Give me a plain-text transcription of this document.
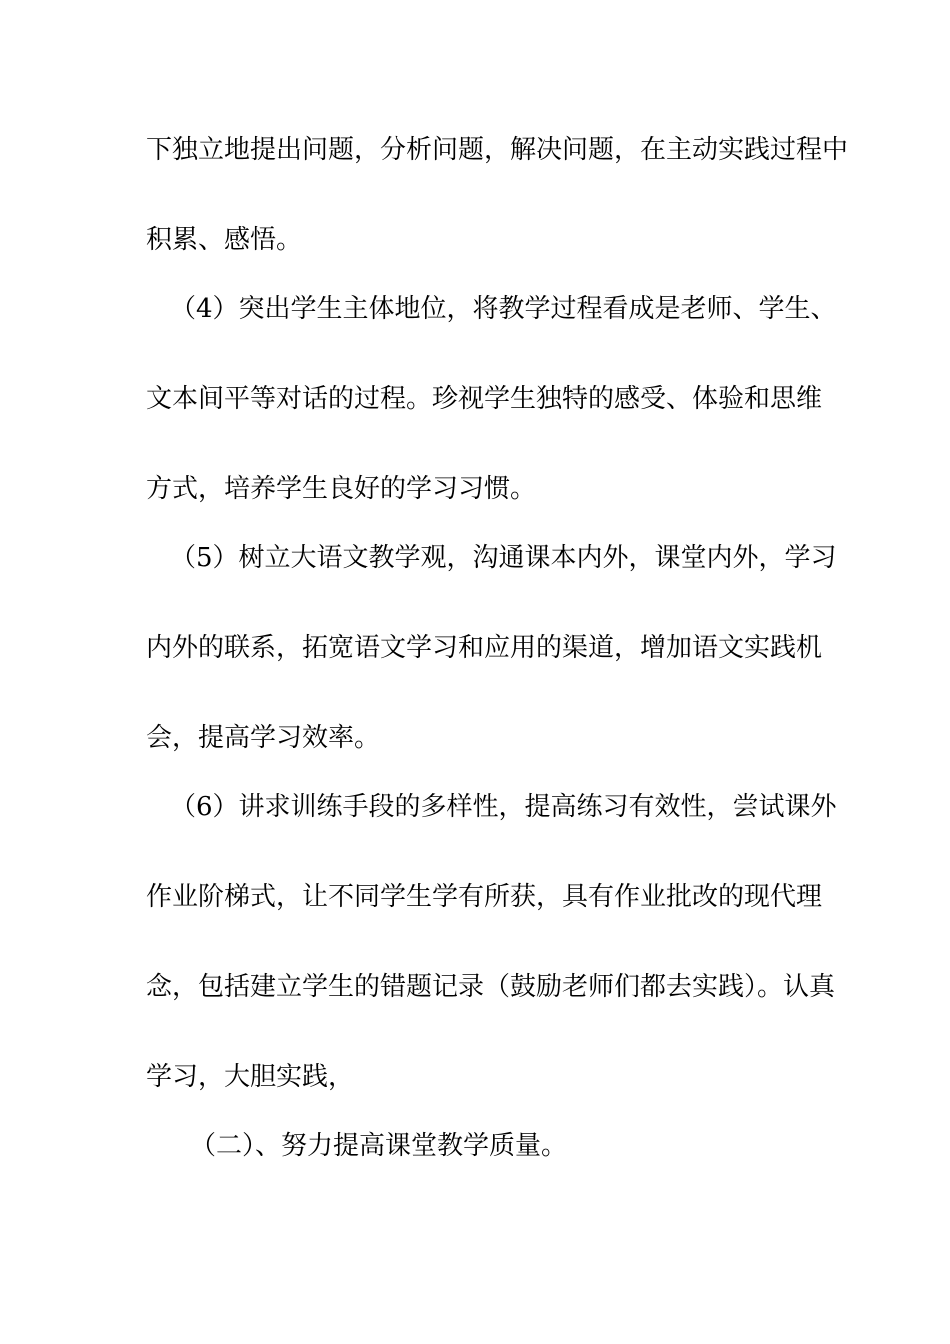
下独立地提出问题，分析问题，解决问题，在主动实践过程中
积累、感悟。
（4）突出学生主体地位，将教学过程看成是老师、学生、
文本间平等对话的过程。珍视学生独特的感受、体验和思维
方式，培养学生良好的学习习惯。
（5）树立大语文教学观，沟通课本内外，课堂内外，学习
内外的联系，拓宽语文学习和应用的渠道，增加语文实践机
会，提高学习效率。
（6）讲求训练手段的多样性，提高练习有效性，尝试课外
作业阶梯式，让不同学生学有所获，具有作业批改的现代理
念，包括建立学生的错题记录（鼓励老师们都去实践）。认真
学习，大胆实践，
（二）、努力提高课堂教学质量。
